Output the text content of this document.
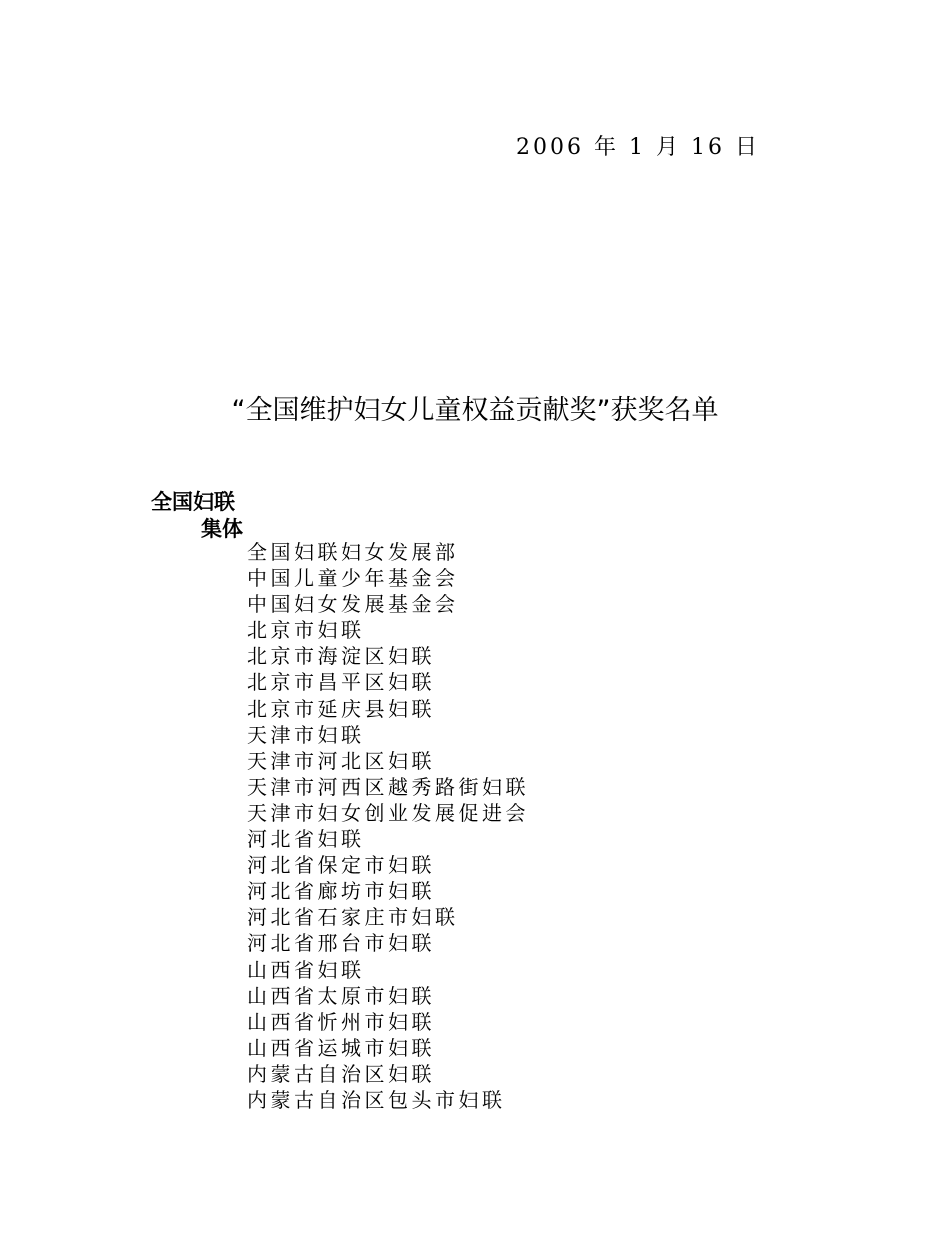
2006 年 1 月 16 日
“全国维护妇女儿童权益贡献奖”获奖名单
全国妇联
集体
全国妇联妇女发展部
中国儿童少年基金会
中国妇女发展基金会
北京市妇联
北京市海淀区妇联
北京市昌平区妇联
北京市延庆县妇联
天津市妇联
天津市河北区妇联
天津市河西区越秀路街妇联
天津市妇女创业发展促进会
河北省妇联
河北省保定市妇联
河北省廊坊市妇联
河北省石家庄市妇联
河北省邢台市妇联
山西省妇联
山西省太原市妇联
山西省忻州市妇联
山西省运城市妇联
内蒙古自治区妇联
内蒙古自治区包头市妇联
